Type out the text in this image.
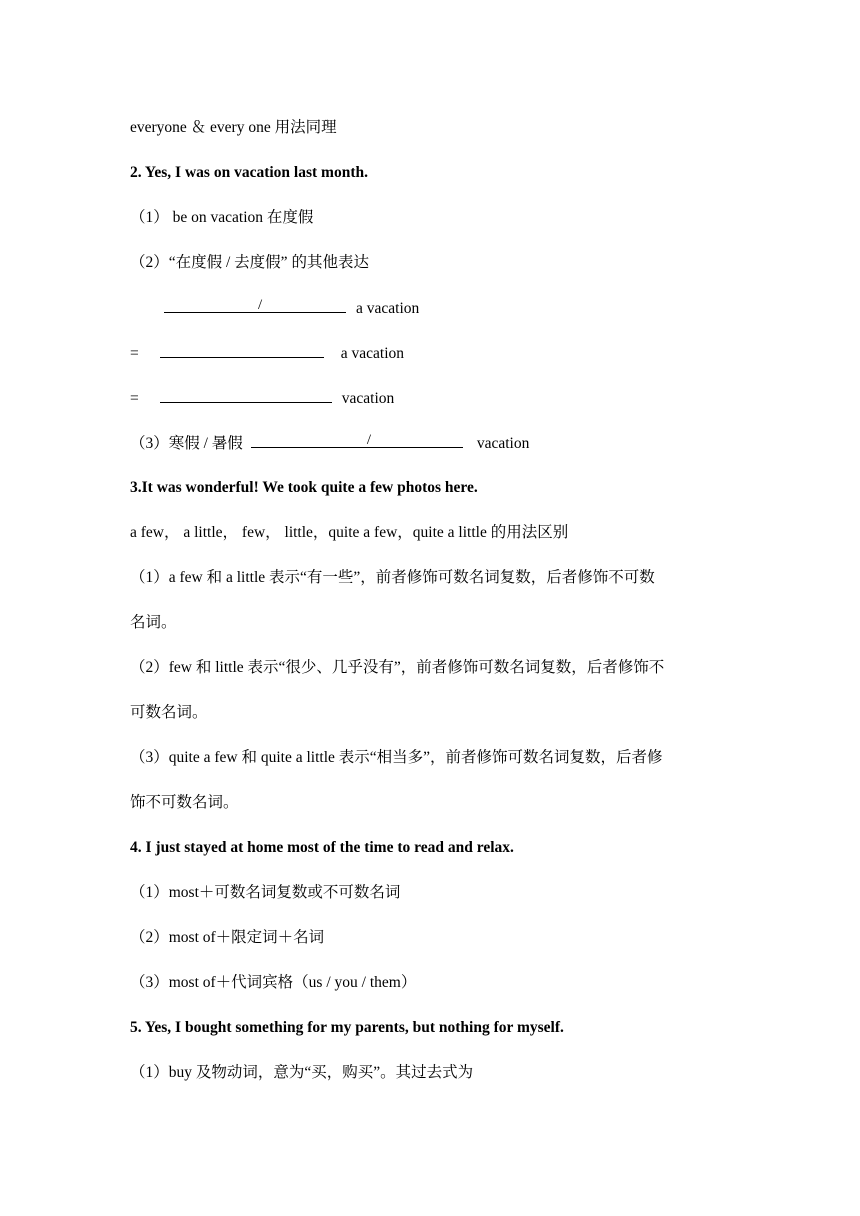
everyone ＆ every one 用法同理
2. Yes, I was on vacation last month.
（1） be on vacation 在度假
（2）“在度假 / 去度假” 的其他表达
/	a vacation
=	a vacation
=	vacation
（3）寒假 / 暑假	/	vacation
3.It was wonderful! We took quite a few photos here.
a few， a little， few， little，quite a few，quite a little 的用法区别
（1）a few 和 a little 表示“有一些”，前者修饰可数名词复数，后者修饰不可数
名词。
（2）few 和 little 表示“很少、几乎没有”，前者修饰可数名词复数，后者修饰不
可数名词。
（3）quite a few 和 quite a little 表示“相当多”，前者修饰可数名词复数，后者修
饰不可数名词。
4. I just stayed at home most of the time to read and relax.
（1）most＋可数名词复数或不可数名词
（2）most of＋限定词＋名词
（3）most of＋代词宾格（us / you / them）
5. Yes, I bought something for my parents, but nothing for myself.
（1）buy 及物动词，意为“买，购买”。其过去式为
